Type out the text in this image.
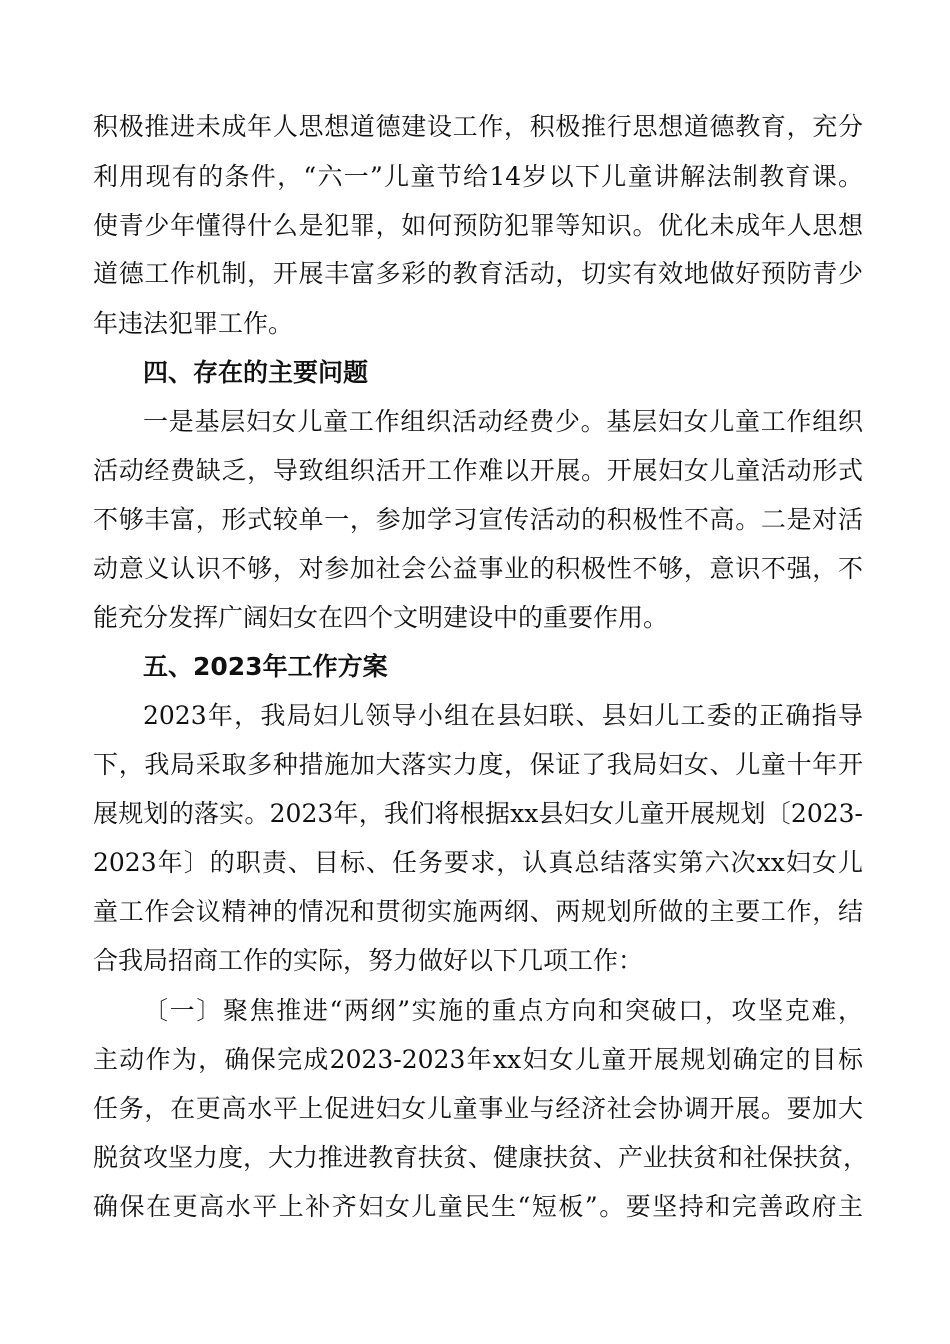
积极推进未成年人思想道德建设工作，积极推行思想道德教育，充分
利用现有的条件，“六一”儿童节给14岁以下儿童讲解法制教育课。
使青少年懂得什么是犯罪，如何预防犯罪等知识。优化未成年人思想
道德工作机制，开展丰富多彩的教育活动，切实有效地做好预防青少
年违法犯罪工作。
四、存在的主要问题
一是基层妇女儿童工作组织活动经费少。基层妇女儿童工作组织
活动经费缺乏，导致组织活开工作难以开展。开展妇女儿童活动形式
不够丰富，形式较单一，参加学习宣传活动的积极性不高。二是对活
动意义认识不够，对参加社会公益事业的积极性不够，意识不强，不
能充分发挥广阔妇女在四个文明建设中的重要作用。
五、2023年工作方案
2023年，我局妇儿领导小组在县妇联、县妇儿工委的正确指导
下，我局采取多种措施加大落实力度，保证了我局妇女、儿童十年开
展规划的落实。2023年，我们将根据xx县妇女儿童开展规划〔2023-
2023年〕的职责、目标、任务要求，认真总结落实第六次xx妇女儿
童工作会议精神的情况和贯彻实施两纲、两规划所做的主要工作，结
合我局招商工作的实际，努力做好以下几项工作：
〔一〕聚焦推进“两纲”实施的重点方向和突破口，攻坚克难，
主动作为，确保完成2023-2023年xx妇女儿童开展规划确定的目标
任务，在更高水平上促进妇女儿童事业与经济社会协调开展。要加大
脱贫攻坚力度，大力推进教育扶贫、健康扶贫、产业扶贫和社保扶贫，
确保在更高水平上补齐妇女儿童民生“短板”。要坚持和完善政府主
